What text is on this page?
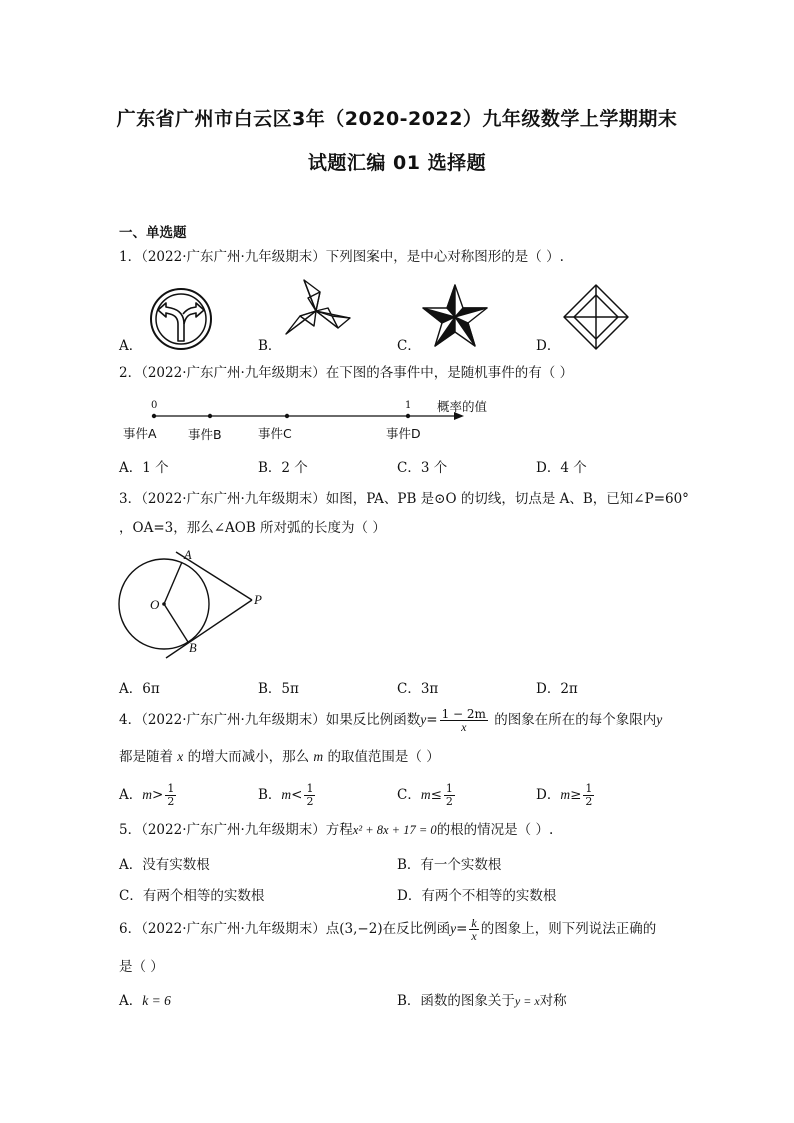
广东省广州市白云区3年（2020-2022）九年级数学上学期期末
试题汇编 01 选择题
一、单选题
1．（2022·广东广州·九年级期末）下列图案中，是中心对称图形的是（ ）.
A．	B．	C．	D．
2．（2022·广东广州·九年级期末）在下图的各事件中，是随机事件的有（ ）
0	1 概率的值
事件A	事件B	事件C	事件D
A．1 个	B．2 个	C．3 个	D．4 个
3．（2022·广东广州·九年级期末）如图，PA、PB 是⊙O 的切线，切点是 A、B，已知∠P=60°
，OA=3，那么∠AOB 所对弧的长度为（ ）
A
B
O	P
A．6π	B．5π	C．3π	D．2π
4．（2022·广东广州·九年级期末）如果反比例函数$y= \frac{1 - 2m}{x}$ 的图象在所在的每个象限内y
都是随着 x 的增大而减小，那么 m 的取值范围是（ ）
A．$m> \frac{1}{2}$	B．$m< \frac{1}{2}$	C．$m\le \frac{1}{2}$	D．$m\ge \frac{1}{2}$
5．（2022·广东广州·九年级期末）方程x² + 8x + 17 = 0的根的情况是（ ）.
A．没有实数根	B．有一个实数根
C．有两个相等的实数根	D．有两个不相等的实数根
6．（2022·广东广州·九年级期末）点(3,−2)在反比例函$y= \frac{k}{x}$ 的图象上，则下列说法正确的
是（ ）
A．k = 6	B．函数的图象关于y = x对称
